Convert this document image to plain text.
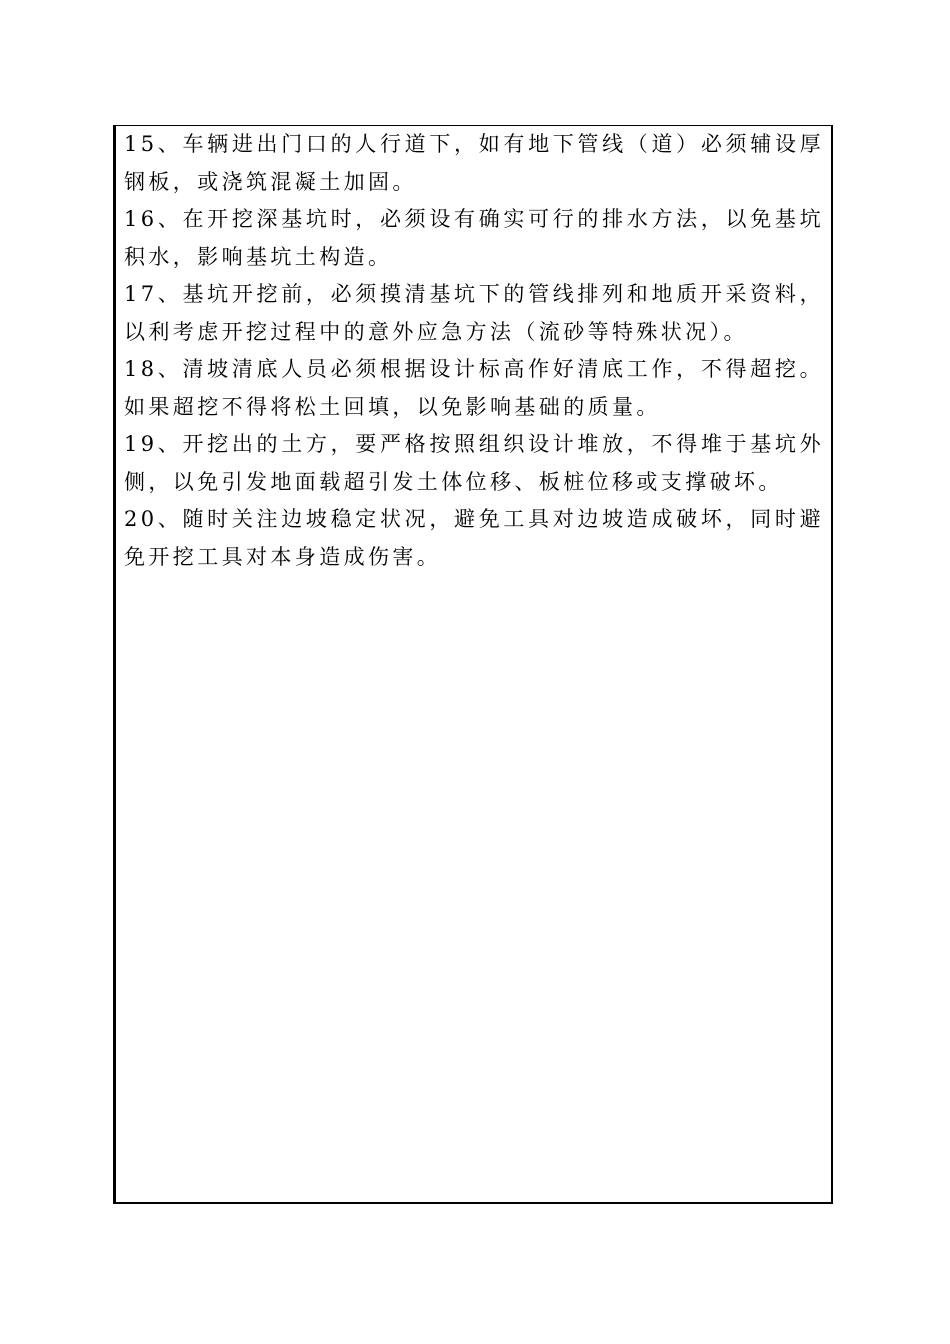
15、车辆进出门口的人行道下，如有地下管线（道）必须辅设厚钢板，或浇筑混凝土加固。

16、在开挖深基坑时，必须设有确实可行的排水方法，以免基坑积水，影响基坑土构造。

17、基坑开挖前，必须摸清基坑下的管线排列和地质开采资料，以利考虑开挖过程中的意外应急方法（流砂等特殊状况）。

18、清坡清底人员必须根据设计标高作好清底工作，不得超挖。如果超挖不得将松土回填，以免影响基础的质量。

19、开挖出的土方，要严格按照组织设计堆放，不得堆于基坑外侧，以免引发地面载超引发土体位移、板桩位移或支撑破坏。

20、随时关注边坡稳定状况，避免工具对边坡造成破坏，同时避免开挖工具对本身造成伤害。
